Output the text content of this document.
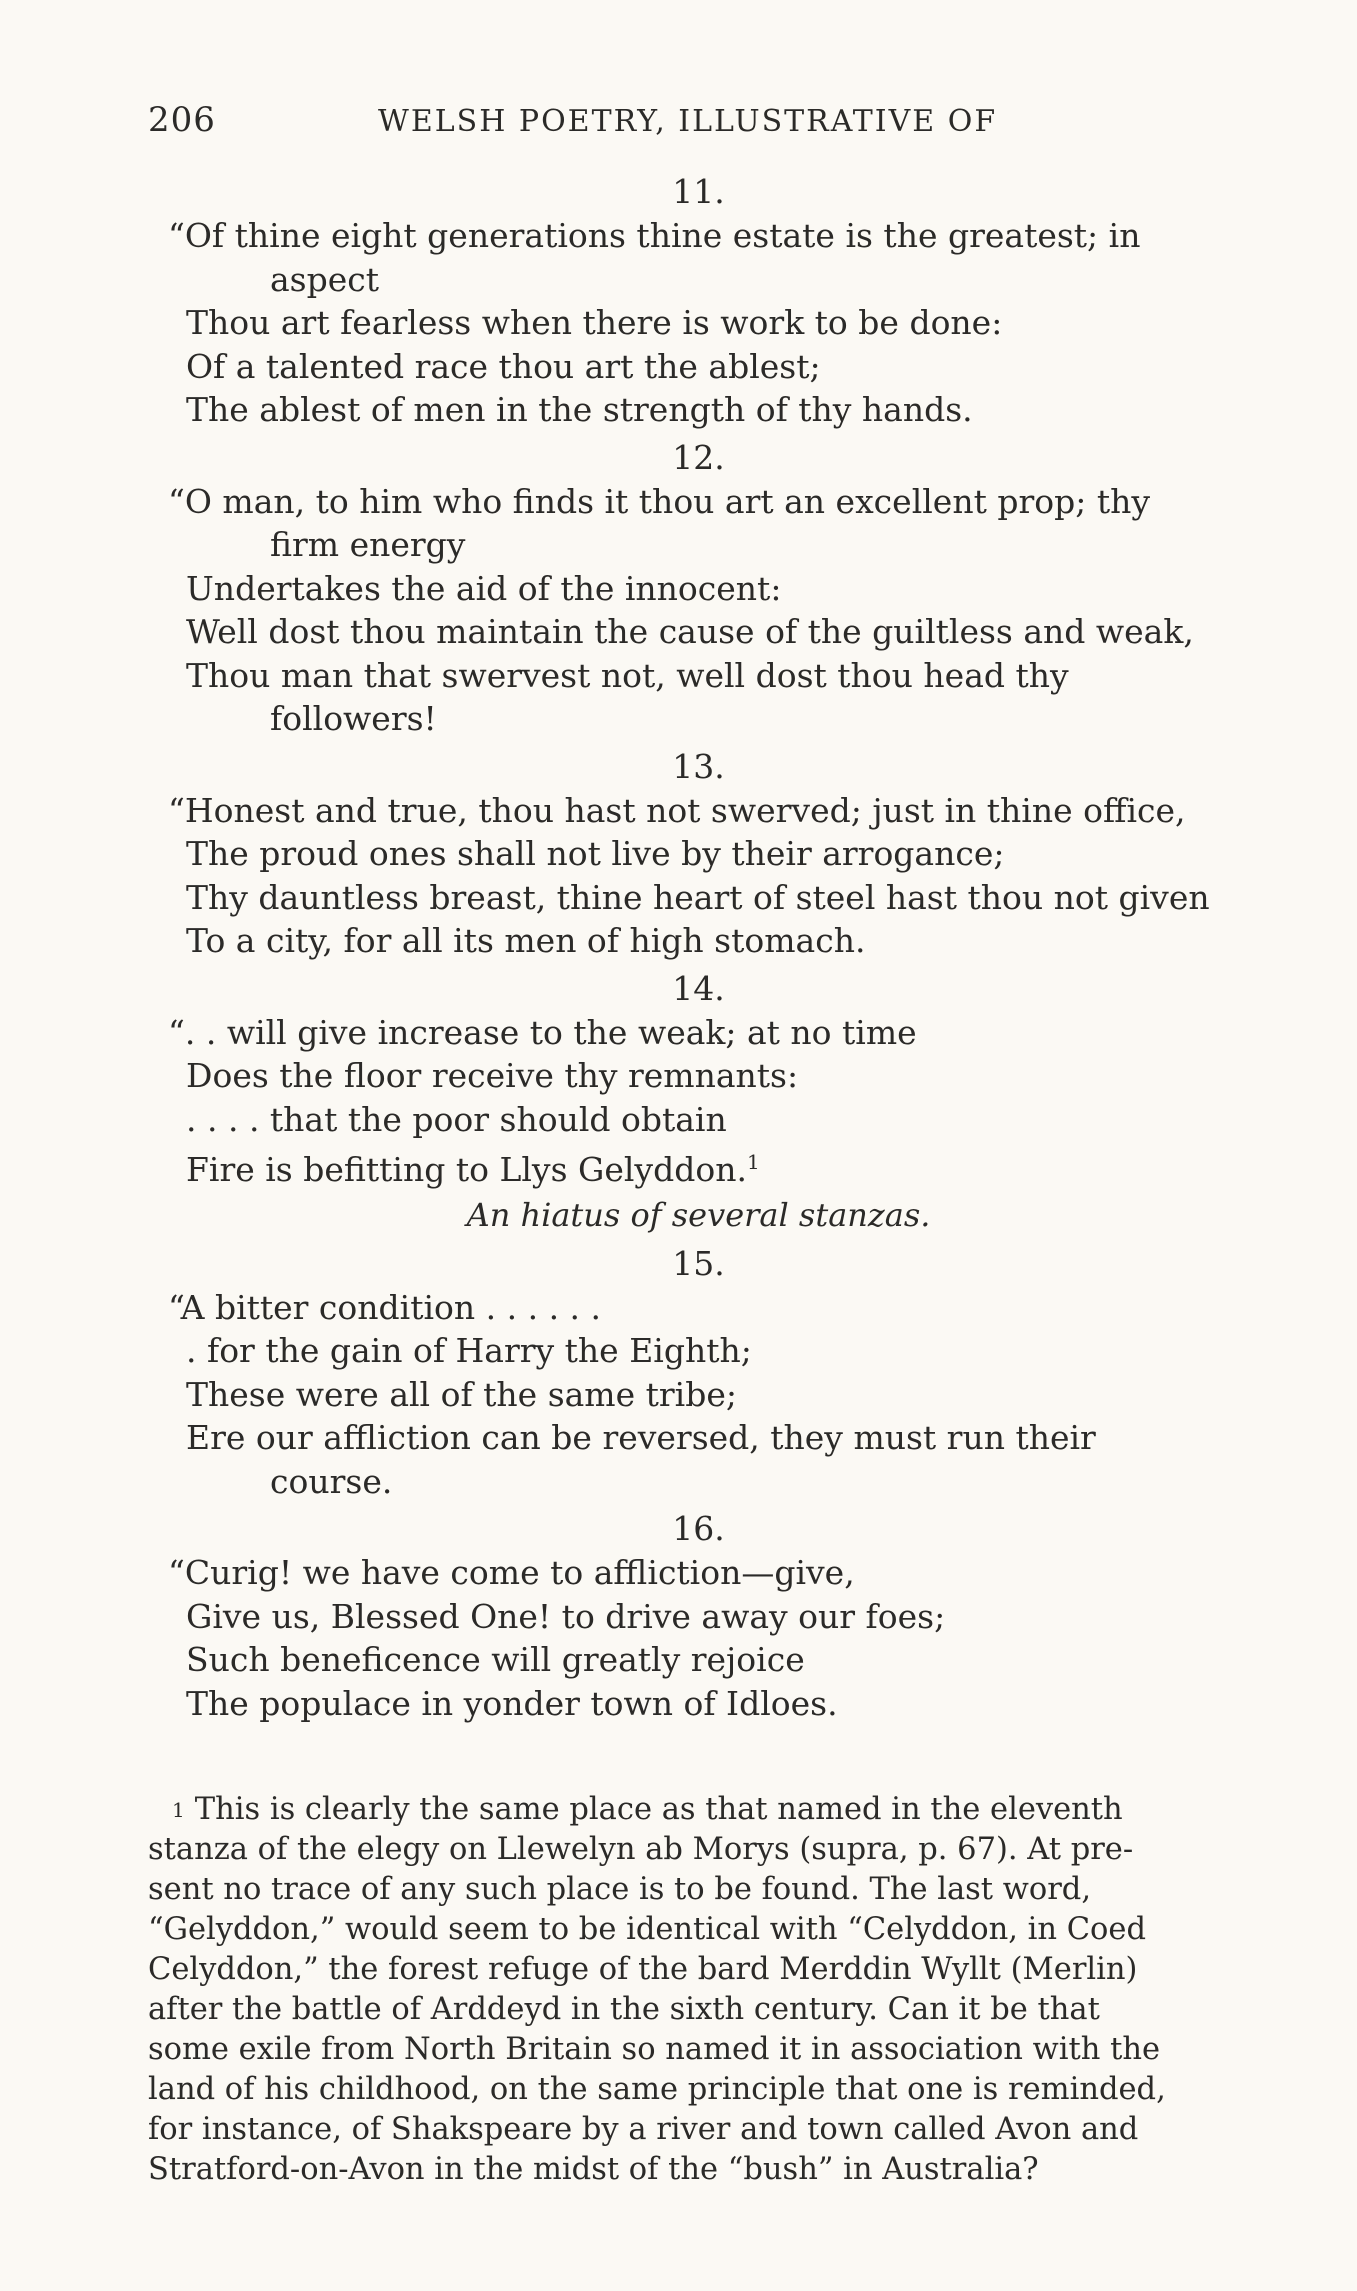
206	WELSH POETRY, ILLUSTRATIVE OF
11.
“Of thine eight generations thine estate is the greatest; in
aspect
Thou art fearless when there is work to be done:
Of a talented race thou art the ablest;
The ablest of men in the strength of thy hands.
12.
“O man, to him who finds it thou art an excellent prop; thy
firm energy
Undertakes the aid of the innocent:
Well dost thou maintain the cause of the guiltless and weak,
Thou man that swervest not, well dost thou head thy
followers!
13.
“Honest and true, thou hast not swerved; just in thine office,
The proud ones shall not live by their arrogance;
Thy dauntless breast, thine heart of steel hast thou not given
To a city, for all its men of high stomach.
14.
“. . will give increase to the weak; at no time
Does the floor receive thy remnants:
. . . . that the poor should obtain
Fire is befitting to Llys Gelyddon.$^1$
An hiatus of several stanzas.
15.
“A bitter condition . . . . . .
. for the gain of Harry the Eighth;
These were all of the same tribe;
Ere our affliction can be reversed, they must run their
course.
16.
“Curig! we have come to affliction—give,
Give us, Blessed One! to drive away our foes;
Such beneficence will greatly rejoice
The populace in yonder town of Idloes.
1 This is clearly the same place as that named in the eleventh
stanza of the elegy on Llewelyn ab Morys (supra, p. 67). At pre-
sent no trace of any such place is to be found. The last word,
“Gelyddon,” would seem to be identical with “Celyddon, in Coed
Celyddon,” the forest refuge of the bard Merddin Wyllt (Merlin)
after the battle of Arddeyd in the sixth century. Can it be that
some exile from North Britain so named it in association with the
land of his childhood, on the same principle that one is reminded,
for instance, of Shakspeare by a river and town called Avon and
Stratford-on-Avon in the midst of the “bush” in Australia?
